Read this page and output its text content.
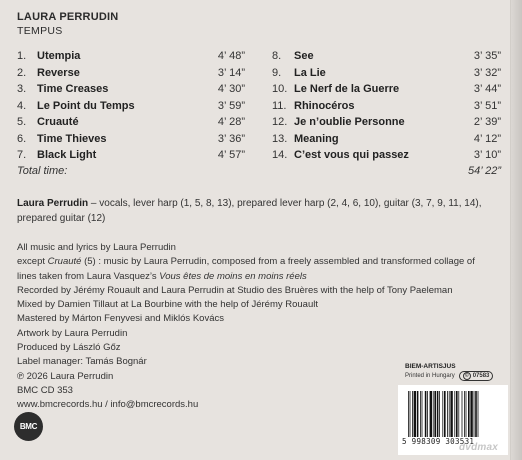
LAURA PERRUDIN
TEMPUS
1. Utempia	4’ 48”
2. Reverse	3’ 14”
3. Time Creases	4’ 30”
4. Le Point du Temps	3’ 59”
5. Cruauté	4’ 28”
6. Time Thieves	3’ 36”
7. Black Light	4’ 57”
8.	See	3’ 35”
9.	La Lie	3’ 32”
10. Le Nerf de la Guerre	3’ 44”
11. Rhinocéros	3’ 51”
12. Je n’oublie Personne	2’ 39”
13. Meaning	4’ 12”
14. C’est vous qui passez	3’ 10”
Total time:	54’ 22”
Laura Perrudin – vocals, lever harp (1, 5, 8, 13), prepared lever harp (2, 4, 6, 10), guitar (3, 7, 9, 11, 14), prepared guitar (12)
All music and lyrics by Laura Perrudin
except Cruauté (5) : music by Laura Perrudin, composed from a freely assembled and transformed collage of
lines taken from Laura Vasquez’s Vous êtes de moins en moins réels
Recorded by Jérémy Rouault and Laura Perrudin at Studio des Bruères with the help of Tony Paeleman
Mixed by Damien Tillaut at La Bourbine with the help of Jérémy Rouault
Mastered by Márton Fenyvesi and Miklós Kovács
Artwork by Laura Perrudin
Produced by László Gőz
Label manager: Tamás Bognár
℗ 2026 Laura Perrudin
BMC CD 353
www.bmcrecords.hu / info@bmcrecords.hu
BMC
BIEM-ARTISJUS
Printed in Hungary	© 07583
5 998309 303531
dvdmax
